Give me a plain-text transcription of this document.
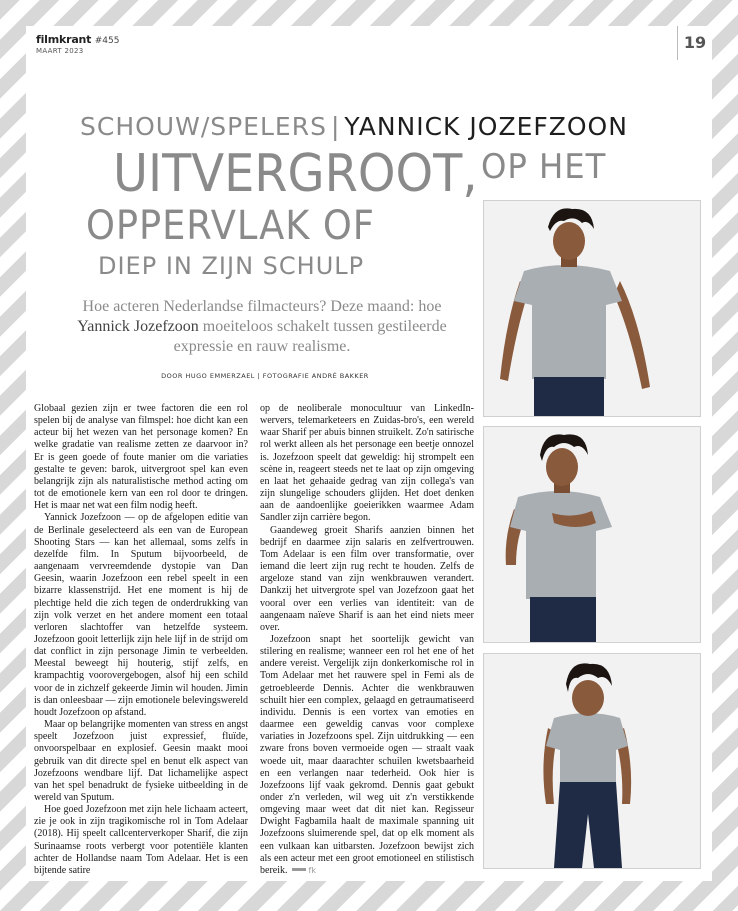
filmkrant #455
MAART 2023	19
SCHOUW/SPELERS | YANNICK JOZEFZOON
UITVERGROOT, OP HET
OPPERVLAK OF
DIEP IN ZIJN SCHULP
Hoe acteren Nederlandse filmacteurs? Deze maand: hoe Yannick Jozefzoon moeiteloos schakelt tussen gestileerde expressie en rauw realisme.
DOOR HUGO EMMERZAEL | FOTOGRAFIE ANDRÉ BAKKER

Globaal gezien zijn er twee factoren die een rol spelen bij de analyse van filmspel: hoe dicht kan een acteur bij het wezen van het personage komen? En welke gradatie van realisme zetten ze daarvoor in? Er is geen goede of foute manier om die variaties gestalte te geven: barok, uitvergroot spel kan even belangrijk zijn als naturalistische method acting om tot de emotionele kern van een rol door te dringen. Het is maar net wat een film nodig heeft.

Yannick Jozefzoon — op de afgelopen editie van de Berlinale geselecteerd als een van de European Shooting Stars — kan het allemaal, soms zelfs in dezelfde film. In Sputum bijvoorbeeld, de aangenaam vervreemdende dystopie van Dan Geesin, waarin Jozefzoon een rebel speelt in een bizarre klassenstrijd. Het ene moment is hij de plechtige held die zich tegen de onderdrukking van zijn volk verzet en het andere moment een totaal verloren slachtoffer van hetzelfde systeem. Jozefzoon gooit letterlijk zijn hele lijf in de strijd om dat conflict in zijn personage Jimin te verbeelden. Meestal beweegt hij houterig, stijf zelfs, en krampachtig voorovergebogen, alsof hij een schild voor de in zichzelf gekeerde Jimin wil houden. Jimin is dan onleesbaar — zijn emotionele belevingswereld houdt Jozefzoon op afstand.

Maar op belangrijke momenten van stress en angst speelt Jozefzoon juist expressief, fluïde, onvoorspelbaar en explosief. Geesin maakt mooi gebruik van dit directe spel en benut elk aspect van Jozefzoons wendbare lijf. Dat lichamelijke aspect van het spel benadrukt de fysieke uitbeelding in de wereld van Sputum.

Hoe goed Jozefzoon met zijn hele lichaam acteert, zie je ook in zijn tragikomische rol in Tom Adelaar (2018). Hij speelt callcenterverkoper Sharif, die zijn Surinaamse roots verbergt voor potentiële klanten achter de Hollandse naam Tom Adelaar. Het is een bijtende satire

op de neoliberale monocultuur van LinkedIn-wervers, telemarketeers en Zuidas-bro's, een wereld waar Sharif per abuis binnen struikelt. Zo'n satirische rol werkt alleen als het personage een beetje onnozel is. Jozefzoon speelt dat geweldig: hij strompelt een scène in, reageert steeds net te laat op zijn omgeving en laat het gehaaide gedrag van zijn collega's van zijn slungelige schouders glijden. Het doet denken aan de aandoenlijke goeierikken waarmee Adam Sandler zijn carrière begon.

Gaandeweg groeit Sharifs aanzien binnen het bedrijf en daarmee zijn salaris en zelfvertrouwen. Tom Adelaar is een film over transformatie, over iemand die leert zijn rug recht te houden. Zelfs de argeloze stand van zijn wenkbrauwen verandert. Dankzij het uitvergrote spel van Jozefzoon gaat het vooral over een verlies van identiteit: van de aangenaam naïeve Sharif is aan het eind niets meer over.

Jozefzoon snapt het soortelijk gewicht van stilering en realisme; wanneer een rol het ene of het andere vereist. Vergelijk zijn donkerkomische rol in Tom Adelaar met het rauwere spel in Femi als de getroebleerde Dennis. Achter die wenkbrauwen schuilt hier een complex, gelaagd en getraumatiseerd individu. Dennis is een vortex van emoties en daarmee een geweldig canvas voor complexe variaties in Jozefzoons spel. Zijn uitdrukking — een zware frons boven vermoeide ogen — straalt vaak woede uit, maar daarachter schuilen kwetsbaarheid en een verlangen naar tederheid. Ook hier is Jozefzoons lijf vaak gekromd. Dennis gaat gebukt onder z'n verleden, wil weg uit z'n verstikkende omgeving maar weet dat dit niet kan. Regisseur Dwight Fagbamila haalt de maximale spanning uit Jozefzoons sluimerende spel, dat op elk moment als een vulkaan kan uitbarsten. Jozefzoon bewijst zich als een acteur met een groot emotioneel en stilistisch bereik.	fk
